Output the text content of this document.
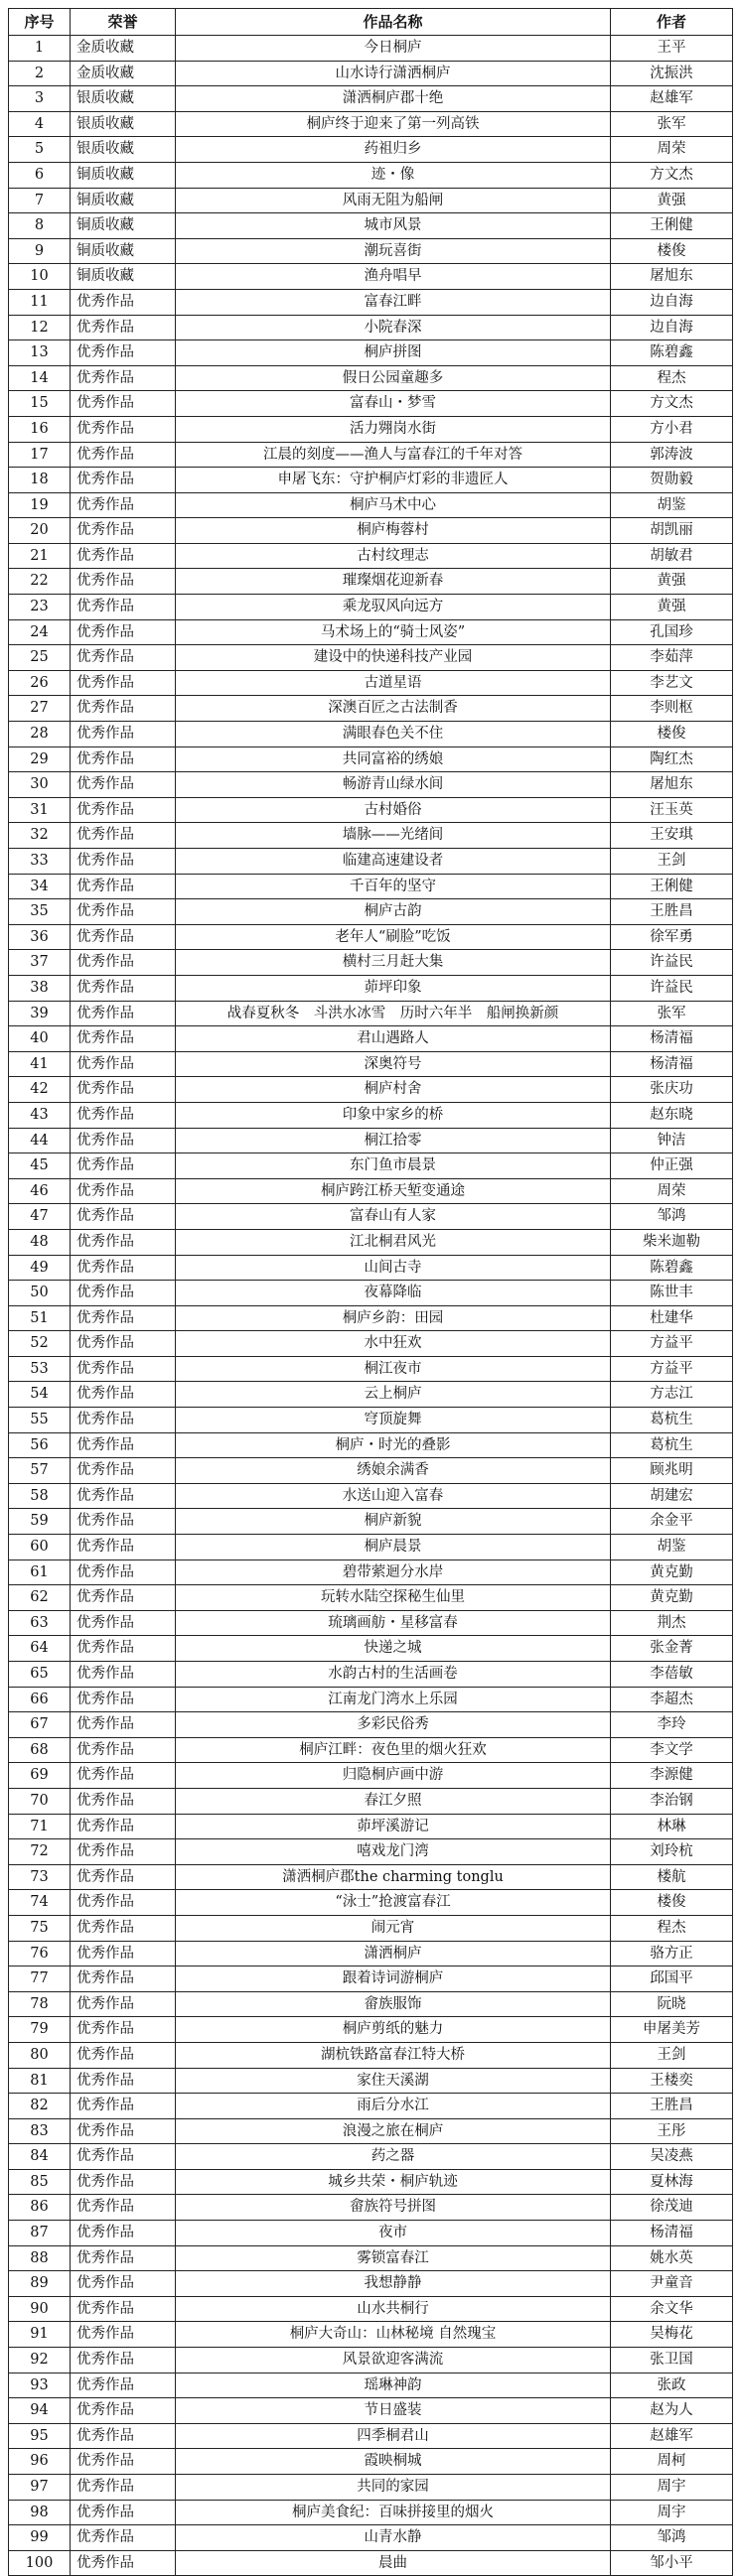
序号	荣誉	作品名称	作者
1	金质收藏	今日桐庐	王平
2	金质收藏	山水诗行潇洒桐庐	沈振洪
3	银质收藏	潇洒桐庐郡十绝	赵雄军
4	银质收藏	桐庐终于迎来了第一列高铁	张军
5	银质收藏	药祖归乡	周荣
6	铜质收藏	迹・像	方文杰
7	铜质收藏	风雨无阻为船闸	黄强
8	铜质收藏	城市风景	王俐健
9	铜质收藏	潮玩喜街	楼俊
10	铜质收藏	渔舟唱早	屠旭东
11	优秀作品	富春江畔	边自海
12	优秀作品	小院春深	边自海
13	优秀作品	桐庐拼图	陈碧鑫
14	优秀作品	假日公园童趣多	程杰
15	优秀作品	富春山・梦雪	方文杰
16	优秀作品	活力翙岗水街	方小君
17	优秀作品	江晨的刻度——渔人与富春江的千年对答	郭涛波
18	优秀作品	申屠飞东：守护桐庐灯彩的非遗匠人	贺勋毅
19	优秀作品	桐庐马术中心	胡鉴
20	优秀作品	桐庐梅蓉村	胡凯丽
21	优秀作品	古村纹理志	胡敏君
22	优秀作品	璀璨烟花迎新春	黄强
23	优秀作品	乘龙驭风向远方	黄强
24	优秀作品	马术场上的“骑士风姿”	孔国珍
25	优秀作品	建设中的快递科技产业园	李茹萍
26	优秀作品	古道星语	李艺文
27	优秀作品	深澳百匠之古法制香	李则枢
28	优秀作品	满眼春色关不住	楼俊
29	优秀作品	共同富裕的绣娘	陶红杰
30	优秀作品	畅游青山绿水间	屠旭东
31	优秀作品	古村婚俗	汪玉英
32	优秀作品	墙脉——光绪间	王安琪
33	优秀作品	临建高速建设者	王剑
34	优秀作品	千百年的坚守	王俐健
35	优秀作品	桐庐古韵	王胜昌
36	优秀作品	老年人“刷脸”吃饭	徐军勇
37	优秀作品	横村三月赶大集	许益民
38	优秀作品	茆坪印象	许益民
39	优秀作品	战春夏秋冬　斗洪水冰雪　历时六年半　船闸换新颜	张军
40	优秀作品	君山遇路人	杨清福
41	优秀作品	深奥符号	杨清福
42	优秀作品	桐庐村舍	张庆功
43	优秀作品	印象中家乡的桥	赵东晓
44	优秀作品	桐江拾零	钟洁
45	优秀作品	东门鱼市晨景	仲正强
46	优秀作品	桐庐跨江桥天堑变通途	周荣
47	优秀作品	富春山有人家	邹鸿
48	优秀作品	江北桐君风光	柴米迦勒
49	优秀作品	山间古寺	陈碧鑫
50	优秀作品	夜幕降临	陈世丰
51	优秀作品	桐庐乡韵：田园	杜建华
52	优秀作品	水中狂欢	方益平
53	优秀作品	桐江夜市	方益平
54	优秀作品	云上桐庐	方志江
55	优秀作品	穹顶旋舞	葛杭生
56	优秀作品	桐庐・时光的叠影	葛杭生
57	优秀作品	绣娘余满香	顾兆明
58	优秀作品	水送山迎入富春	胡建宏
59	优秀作品	桐庐新貌	余金平
60	优秀作品	桐庐晨景	胡鉴
61	优秀作品	碧带萦迴分水岸	黄克勤
62	优秀作品	玩转水陆空探秘生仙里	黄克勤
63	优秀作品	琉璃画舫・星移富春	荆杰
64	优秀作品	快递之城	张金菁
65	优秀作品	水韵古村的生活画卷	李蓓敏
66	优秀作品	江南龙门湾水上乐园	李超杰
67	优秀作品	多彩民俗秀	李玲
68	优秀作品	桐庐江畔：夜色里的烟火狂欢	李文学
69	优秀作品	归隐桐庐画中游	李源健
70	优秀作品	春江夕照	李治钢
71	优秀作品	茆坪溪游记	林琳
72	优秀作品	嘻戏龙门湾	刘玲杭
73	优秀作品	潇洒桐庐郡the charming tonglu	楼航
74	优秀作品	“泳士”抢渡富春江	楼俊
75	优秀作品	闹元宵	程杰
76	优秀作品	潇洒桐庐	骆方正
77	优秀作品	跟着诗词游桐庐	邱国平
78	优秀作品	畲族服饰	阮晓
79	优秀作品	桐庐剪纸的魅力	申屠美芳
80	优秀作品	湖杭铁路富春江特大桥	王剑
81	优秀作品	家住天溪湖	王楼奕
82	优秀作品	雨后分水江	王胜昌
83	优秀作品	浪漫之旅在桐庐	王彤
84	优秀作品	药之器	吴凌燕
85	优秀作品	城乡共荣・桐庐轨迹	夏林海
86	优秀作品	畲族符号拼图	徐茂迪
87	优秀作品	夜市	杨清福
88	优秀作品	雾锁富春江	姚水英
89	优秀作品	我想静静	尹童音
90	优秀作品	山水共桐行	余文华
91	优秀作品	桐庐大奇山：山林秘境 自然瑰宝	吴梅花
92	优秀作品	风景欲迎客满流	张卫国
93	优秀作品	瑶琳神韵	张政
94	优秀作品	节日盛装	赵为人
95	优秀作品	四季桐君山	赵雄军
96	优秀作品	霞映桐城	周柯
97	优秀作品	共同的家园	周宇
98	优秀作品	桐庐美食纪：百味拼接里的烟火	周宇
99	优秀作品	山青水静	邹鸿
100	优秀作品	晨曲	邹小平
